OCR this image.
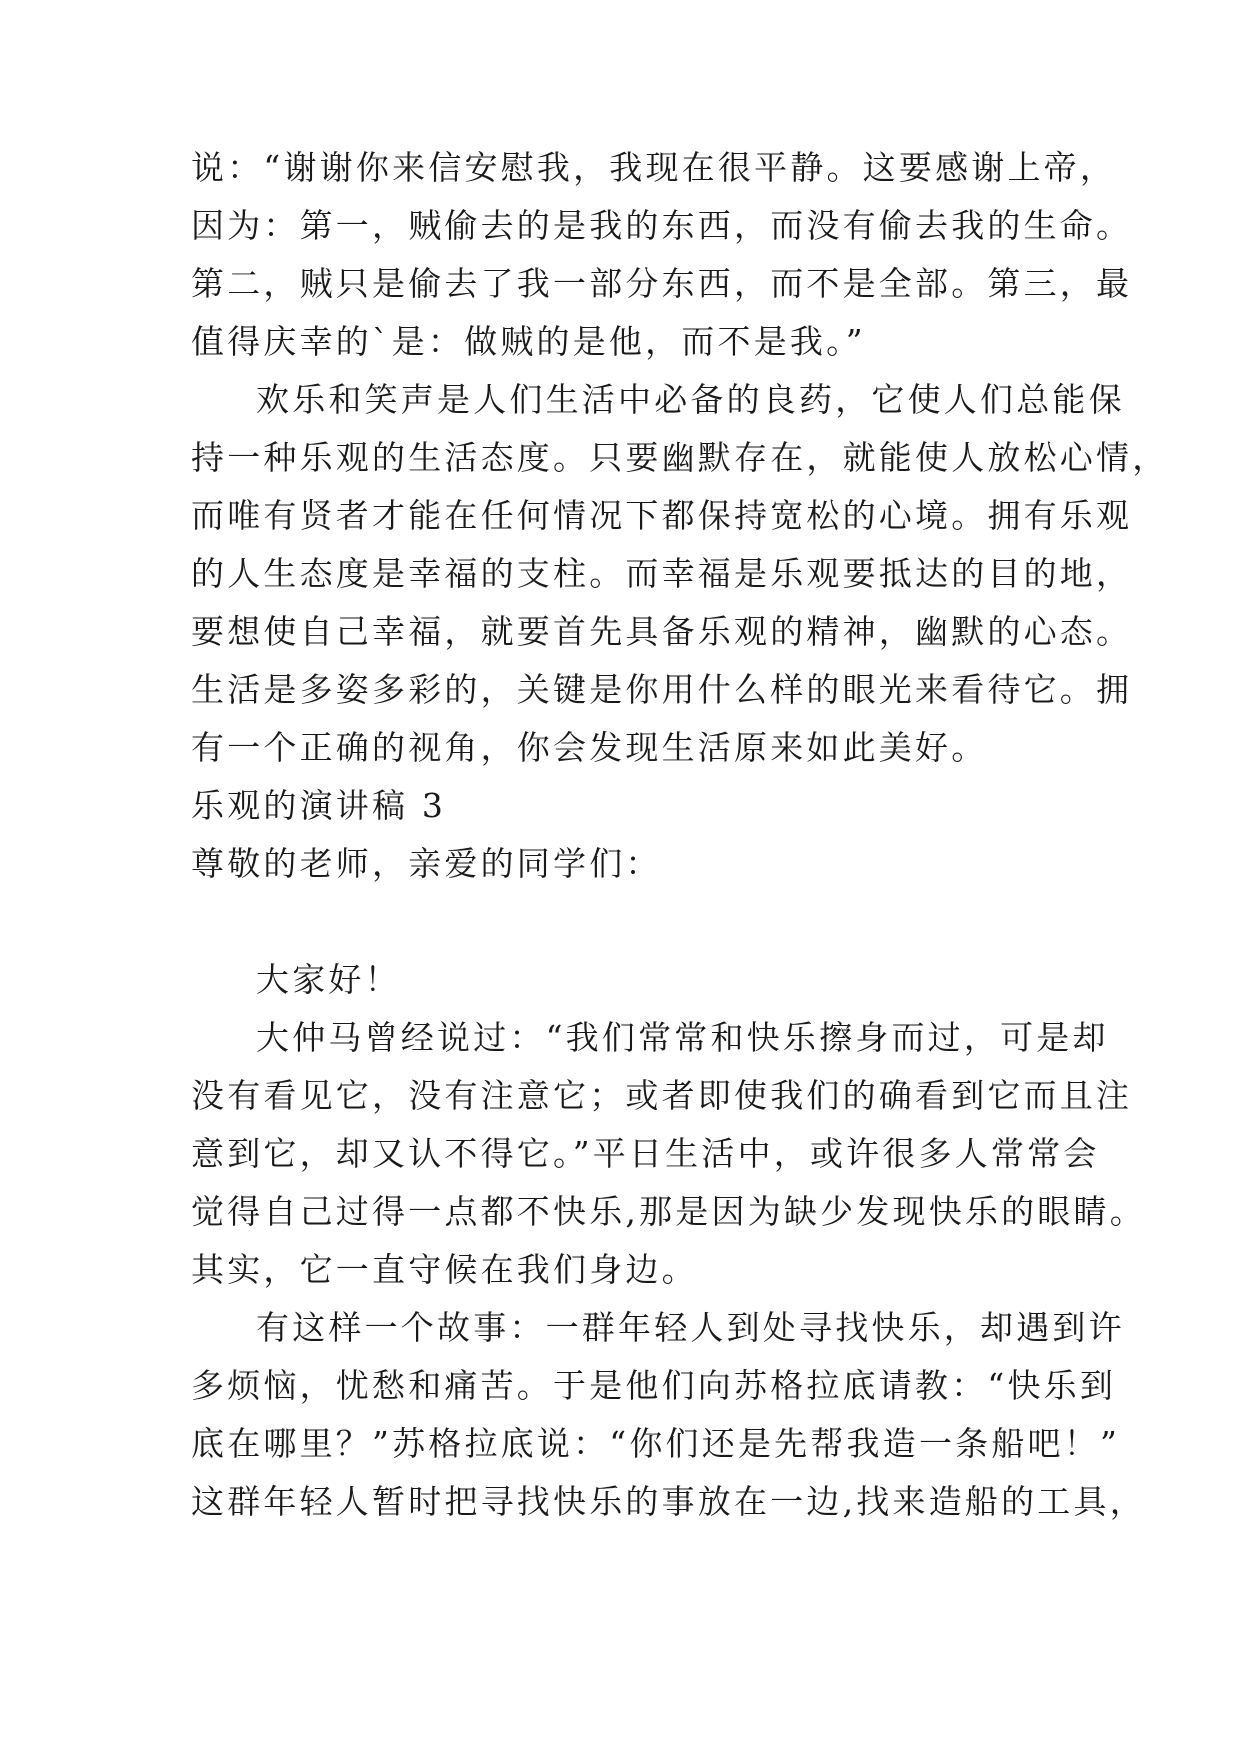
说：“谢谢你来信安慰我，我现在很平静。这要感谢上帝，
因为：第一，贼偷去的是我的东西，而没有偷去我的生命。
第二，贼只是偷去了我一部分东西，而不是全部。第三，最
值得庆幸的`是：做贼的是他，而不是我。”
欢乐和笑声是人们生活中必备的良药，它使人们总能保
持一种乐观的生活态度。只要幽默存在，就能使人放松心情，
而唯有贤者才能在任何情况下都保持宽松的心境。拥有乐观
的人生态度是幸福的支柱。而幸福是乐观要抵达的目的地，
要想使自己幸福，就要首先具备乐观的精神，幽默的心态。
生活是多姿多彩的，关键是你用什么样的眼光来看待它。拥
有一个正确的视角，你会发现生活原来如此美好。
乐观的演讲稿 3
尊敬的老师，亲爱的同学们：
大家好！
大仲马曾经说过：“我们常常和快乐擦身而过，可是却
没有看见它，没有注意它；或者即使我们的确看到它而且注
意到它，却又认不得它。”平日生活中，或许很多人常常会
觉得自己过得一点都不快乐,那是因为缺少发现快乐的眼睛。
其实，它一直守候在我们身边。
有这样一个故事：一群年轻人到处寻找快乐，却遇到许
多烦恼，忧愁和痛苦。于是他们向苏格拉底请教：“快乐到
底在哪里？”苏格拉底说：“你们还是先帮我造一条船吧！”
这群年轻人暂时把寻找快乐的事放在一边,找来造船的工具，
